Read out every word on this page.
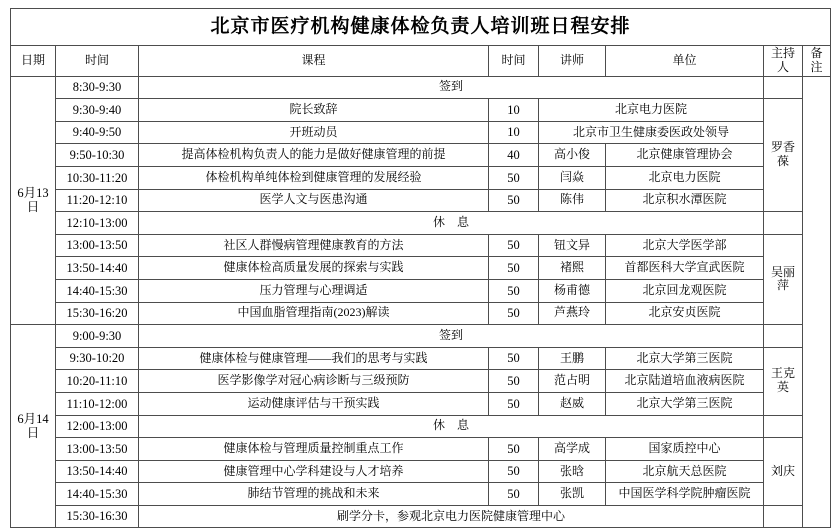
北京市医疗机构健康体检负责人培训班日程安排							
日期	时间	课程	时间	讲师	单位	主持人	备注
6月13日	8:30-9:30	签到					
	9:30-9:40	院长致辞	10	北京电力医院		罗香葆	
	9:40-9:50	开班动员	10	北京市卫生健康委医政处领导			
	9:50-10:30	提高体检机构负责人的能力是做好健康管理的前提	40	高小俊	北京健康管理协会		
	10:30-11:20	体检机构单纯体检到健康管理的发展经验	50	闫焱	北京电力医院		
	11:20-12:10	医学人文与医患沟通	50	陈伟	北京积水潭医院		
	12:10-13:00	休　息					
	13:00-13:50	社区人群慢病管理健康教育的方法	50	钮文异	北京大学医学部	吴丽萍	
	13:50-14:40	健康体检高质量发展的探索与实践	50	褚熙	首都医科大学宣武医院		
	14:40-15:30	压力管理与心理调适	50	杨甫德	北京回龙观医院		
	15:30-16:20	中国血脂管理指南(2023)解读	50	芦燕玲	北京安贞医院		
6月14日	9:00-9:30	签到					
	9:30-10:20	健康体检与健康管理——我们的思考与实践	50	王鹏	北京大学第三医院	王克英	
	10:20-11:10	医学影像学对冠心病诊断与三级预防	50	范占明	北京陆道培血液病医院		
	11:10-12:00	运动健康评估与干预实践	50	赵威	北京大学第三医院		
	12:00-13:00	休　息					
	13:00-13:50	健康体检与管理质量控制重点工作	50	高学成	国家质控中心	刘庆	
	13:50-14:40	健康管理中心学科建设与人才培养	50	张晗	北京航天总医院		
	14:40-15:30	肺结节管理的挑战和未来	50	张凯	中国医学科学院肿瘤医院		
	15:30-16:30	刷学分卡，参观北京电力医院健康管理中心					
